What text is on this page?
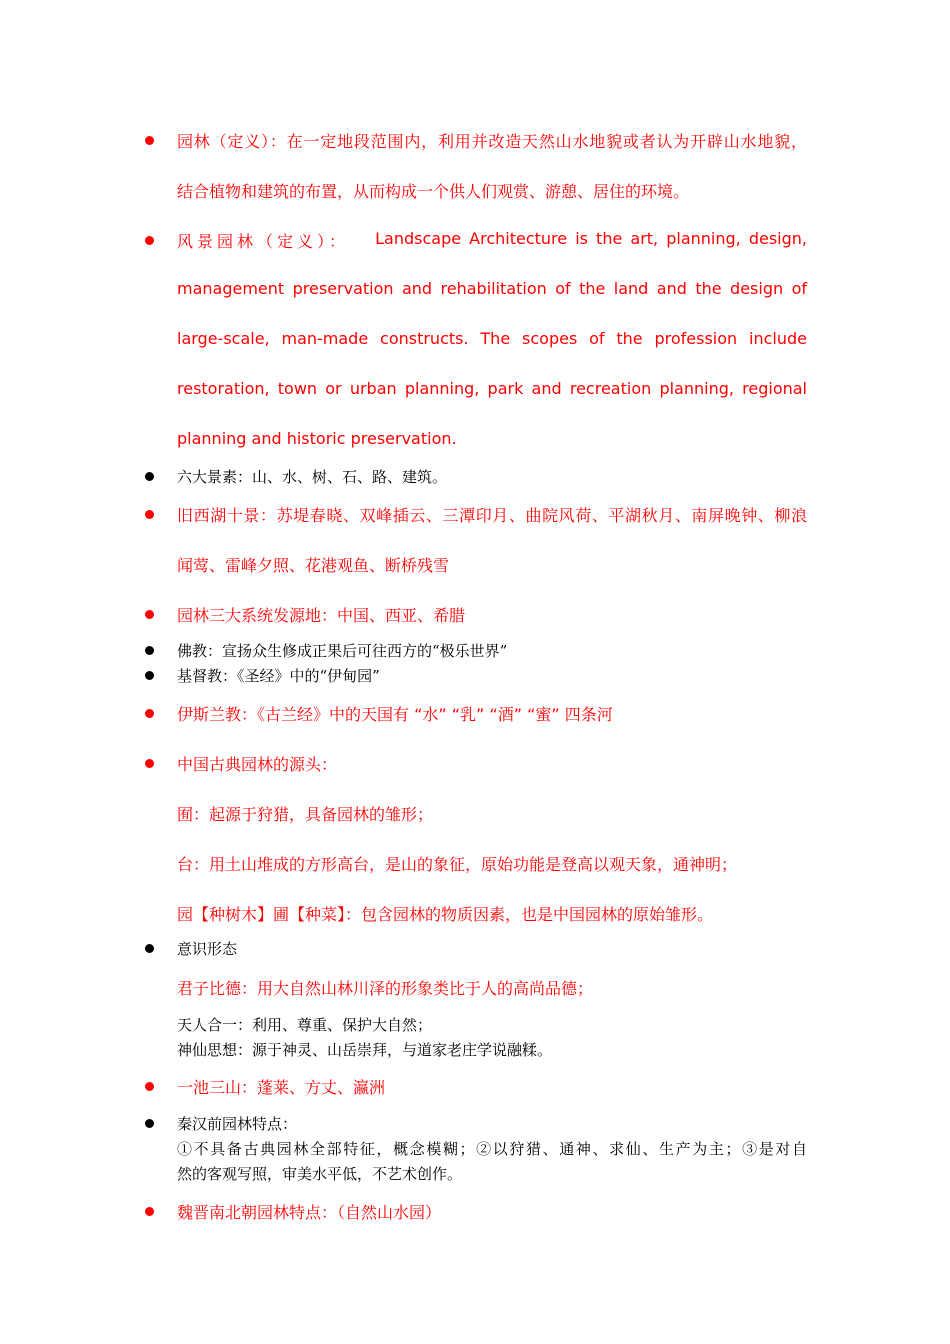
园林（定义）：在一定地段范围内，利用并改造天然山水地貌或者认为开辟山水地貌，
结合植物和建筑的布置，从而构成一个供人们观赏、游憩、居住的环境。
风景园林（定义）： Landscape Architecture is the art, planning, design,
management preservation and rehabilitation of the land and the design of
large-scale, man-made constructs. The scopes of the profession include
restoration, town or urban planning, park and recreation planning, regional
planning and historic preservation.
六大景素：山、水、树、石、路、建筑。
旧西湖十景：苏堤春晓、双峰插云、三潭印月、曲院风荷、平湖秋月、南屏晚钟、柳浪
闻莺、雷峰夕照、花港观鱼、断桥残雪
园林三大系统发源地：中国、西亚、希腊
佛教：宣扬众生修成正果后可往西方的“极乐世界”
基督教：《圣经》中的“伊甸园”
伊斯兰教：《古兰经》中的天国有 “水” “乳” “酒” “蜜” 四条河
中国古典园林的源头：
囿：起源于狩猎，具备园林的雏形；
台：用土山堆成的方形高台，是山的象征，原始功能是登高以观天象，通神明；
园【种树木】圃【种菜】：包含园林的物质因素，也是中国园林的原始雏形。
意识形态
君子比德：用大自然山林川泽的形象类比于人的高尚品德；
天人合一：利用、尊重、保护大自然；
神仙思想：源于神灵、山岳崇拜，与道家老庄学说融糅。
一池三山：蓬莱、方丈、瀛洲
秦汉前园林特点：
①不具备古典园林全部特征，概念模糊；②以狩猎、通神、求仙、生产为主；③是对自
然的客观写照，审美水平低，不艺术创作。
魏晋南北朝园林特点：（自然山水园）
